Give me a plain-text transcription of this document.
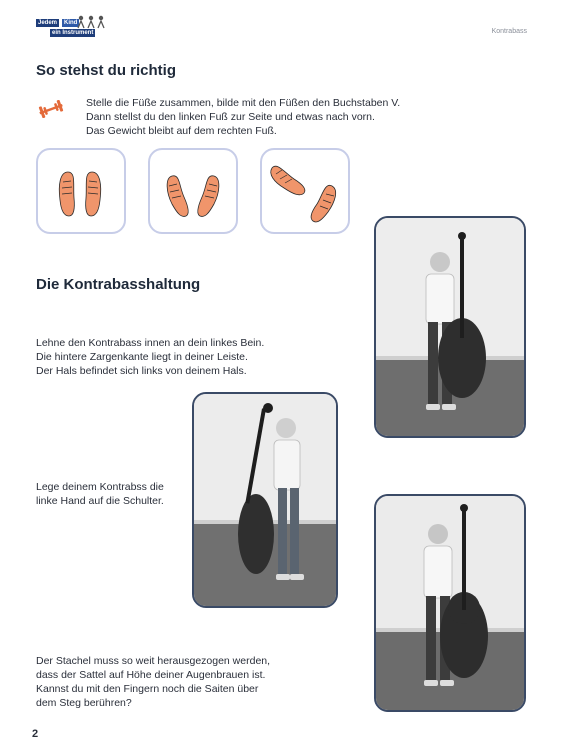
Jedem	Kind
ein Instrument	Kontrabass
So stehst du richtig
Stelle die Füße zusammen, bilde mit den Füßen den Buchstaben V.
Dann stellst du den linken Fuß zur Seite und etwas nach vorn.
Das Gewicht bleibt auf dem rechten Fuß.
Die Kontrabasshaltung
Lehne den Kontrabass innen an dein linkes Bein.
Die hintere Zargenkante liegt in deiner Leiste.
Der Hals befindet sich links von deinem Hals.
Lege deinem Kontrabss die
linke Hand auf die Schulter.
Der Stachel muss so weit herausgezogen werden,
dass der Sattel auf Höhe deiner Augenbrauen ist.
Kannst du mit den Fingern noch die Saiten über
dem Steg berühren?
2
